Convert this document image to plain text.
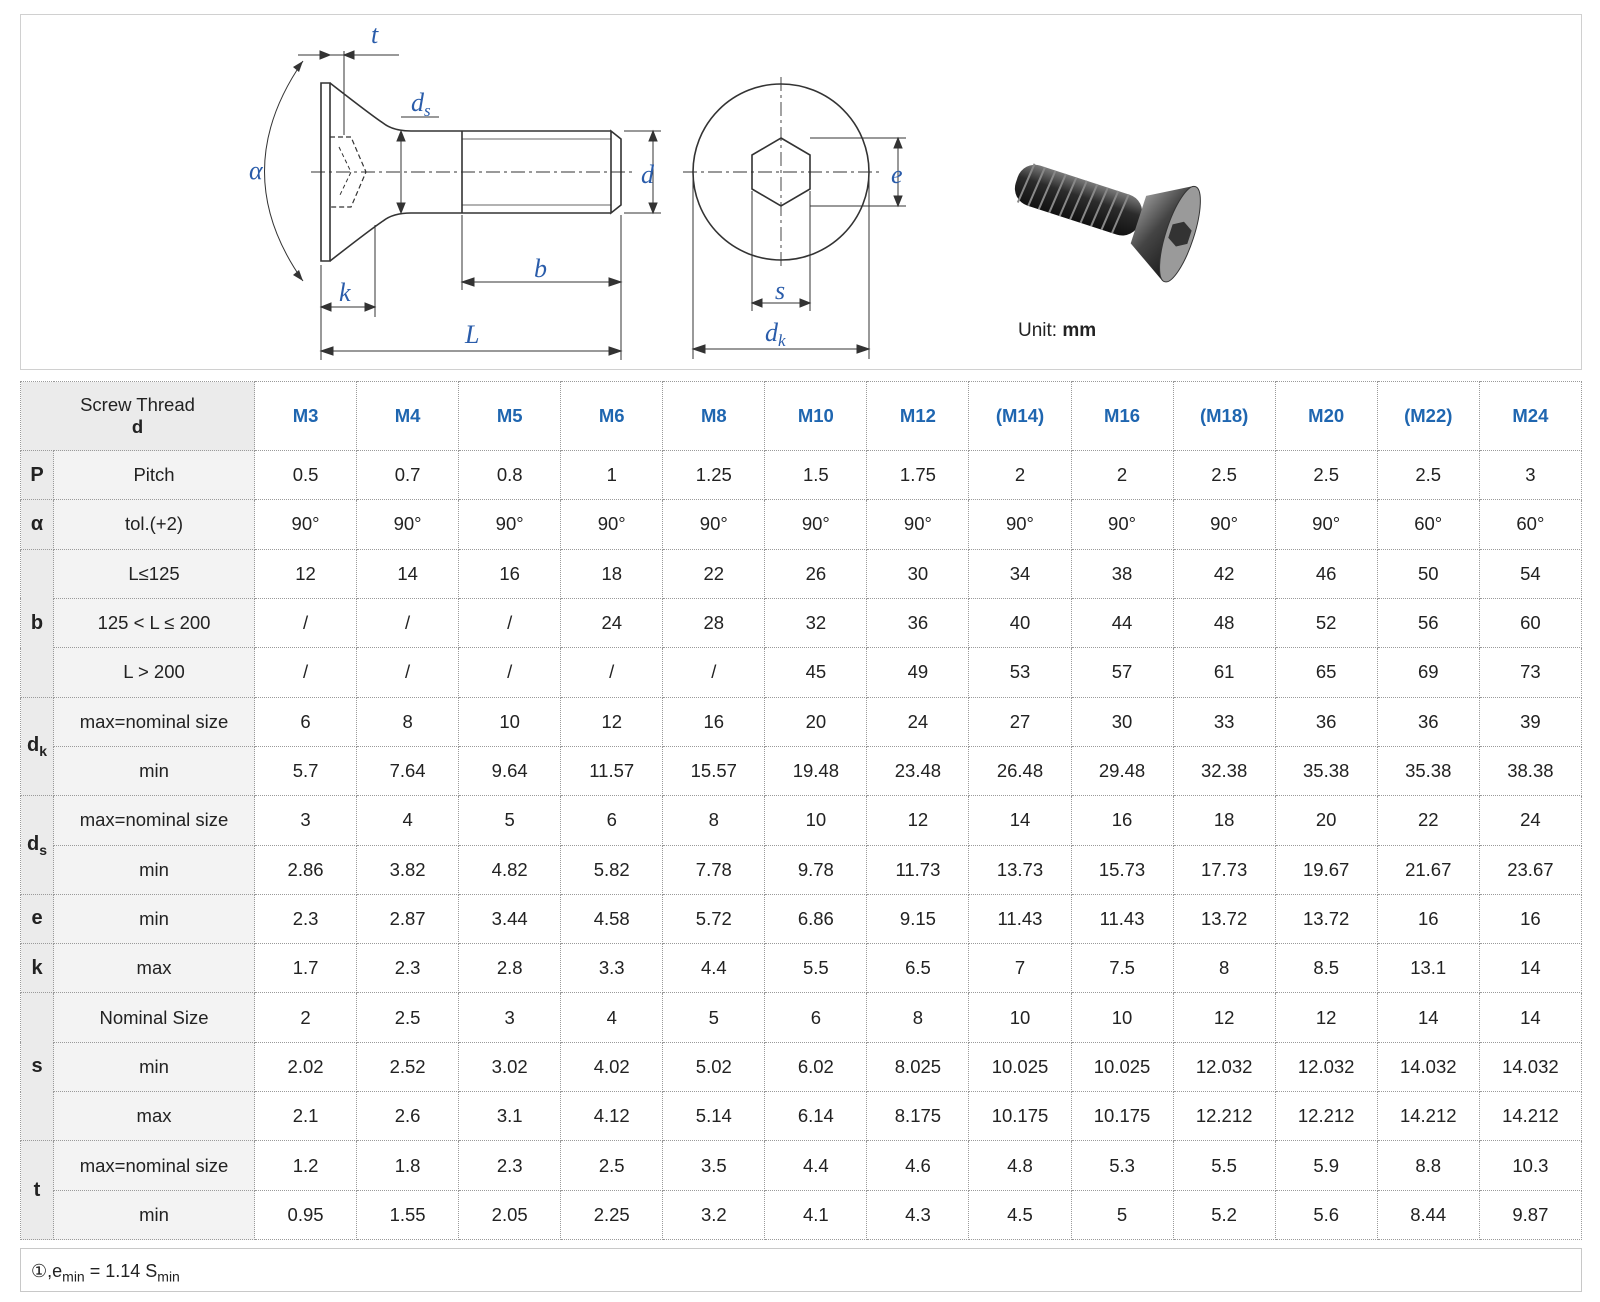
t
ds
α	d
b
k
L
e
s
dk	Unit: mm
Screw Thread
d		M3	M4	M5	M6	M8	M10	M12	(M14)	M16	(M18)	M20	(M22)	M24
P	Pitch	0.5	0.7	0.8	1	1.25	1.5	1.75	2	2	2.5	2.5	2.5	3
α	tol.(+2)	90°	90°	90°	90°	90°	90°	90°	90°	90°	90°	90°	60°	60°
b	L≤125	12	14	16	18	22	26	30	34	38	42	46	50	54
	125 < L ≤ 200	/	/	/	24	28	32	36	40	44	48	52	56	60
	L > 200	/	/	/	/	/	45	49	53	57	61	65	69	73
$d_k$	max=nominal size	6	8	10	12	16	20	24	27	30	33	36	36	39
	min	5.7	7.64	9.64	11.57	15.57	19.48	23.48	26.48	29.48	32.38	35.38	35.38	38.38
$d_s$	max=nominal size	3	4	5	6	8	10	12	14	16	18	20	22	24
	min	2.86	3.82	4.82	5.82	7.78	9.78	11.73	13.73	15.73	17.73	19.67	21.67	23.67
e	min	2.3	2.87	3.44	4.58	5.72	6.86	9.15	11.43	11.43	13.72	13.72	16	16
k	max	1.7	2.3	2.8	3.3	4.4	5.5	6.5	7	7.5	8	8.5	13.1	14
s	Nominal Size	2	2.5	3	4	5	6	8	10	10	12	12	14	14
	min	2.02	2.52	3.02	4.02	5.02	6.02	8.025	10.025	10.025	12.032	12.032	14.032	14.032
	max	2.1	2.6	3.1	4.12	5.14	6.14	8.175	10.175	10.175	12.212	12.212	14.212	14.212
t	max=nominal size	1.2	1.8	2.3	2.5	3.5	4.4	4.6	4.8	5.3	5.5	5.9	8.8	10.3
	min	0.95	1.55	2.05	2.25	3.2	4.1	4.3	4.5	5	5.2	5.6	8.44	9.87
$①,e_{min} = 1.14$ $S_{min}$
